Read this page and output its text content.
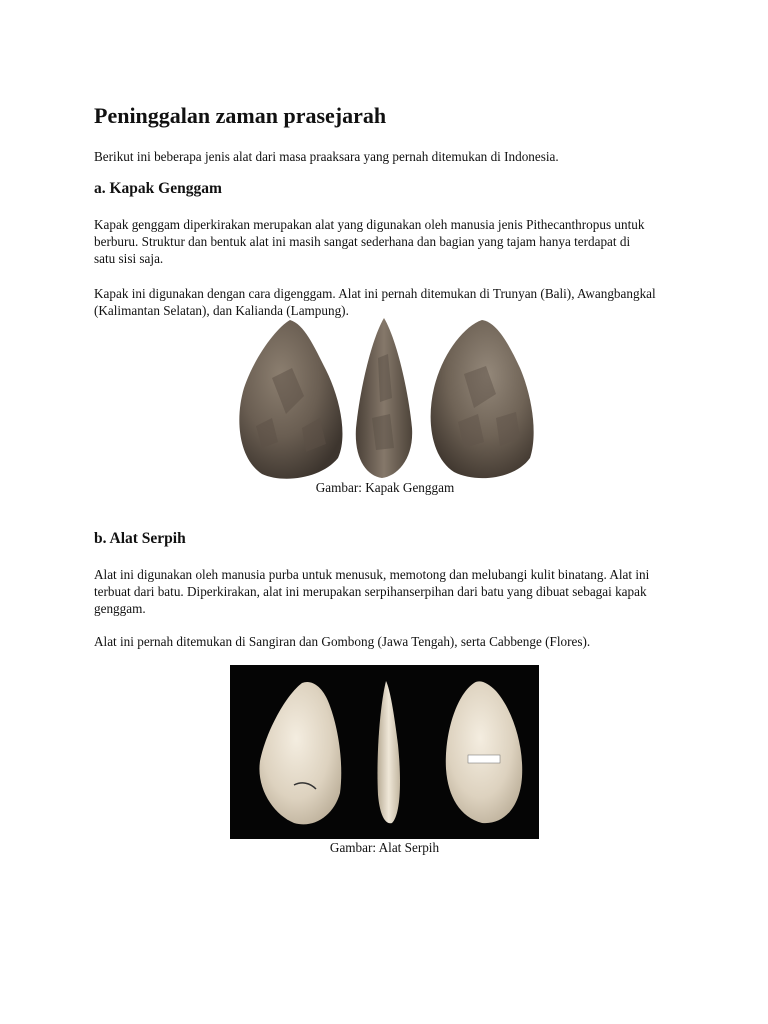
Peninggalan zaman prasejarah

Berikut ini beberapa jenis alat dari masa praaksara yang pernah ditemukan di Indonesia.

a. Kapak Genggam

Kapak genggam diperkirakan merupakan alat yang digunakan oleh manusia jenis Pithecanthropus untuk berburu. Struktur dan bentuk alat ini masih sangat sederhana dan bagian yang tajam hanya terdapat di satu sisi saja.

Kapak ini digunakan dengan cara digenggam. Alat ini pernah ditemukan di Trunyan (Bali), Awangbangkal (Kalimantan Selatan), dan Kalianda (Lampung).

Gambar: Kapak Genggam

b. Alat Serpih

Alat ini digunakan oleh manusia purba untuk menusuk, memotong dan melubangi kulit binatang. Alat ini terbuat dari batu. Diperkirakan, alat ini merupakan serpihanserpihan dari batu yang dibuat sebagai kapak genggam.

Alat ini pernah ditemukan di Sangiran dan Gombong (Jawa Tengah), serta Cabbenge (Flores).

Gambar: Alat Serpih
